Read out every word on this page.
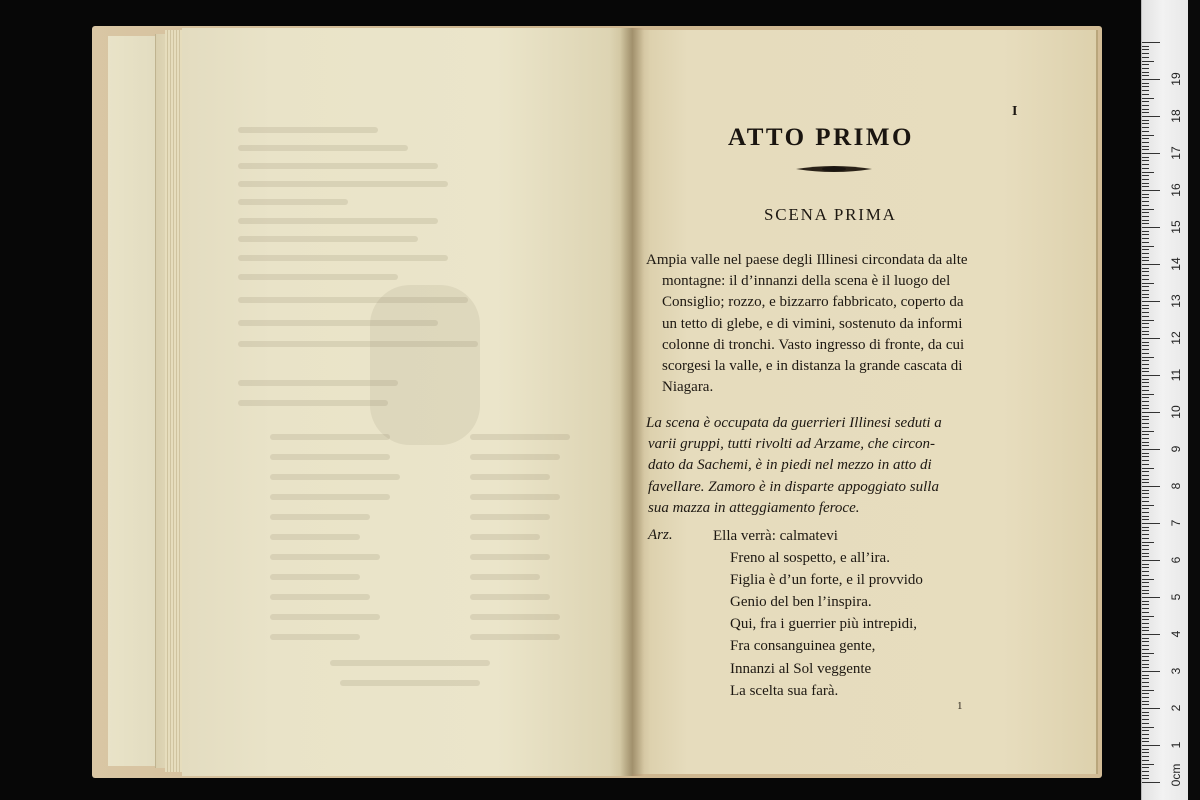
I
ATTO PRIMO
SCENA PRIMA
Ampia valle nel paese degli Illinesi circondata da alte
montagne: il d’innanzi della scena è il luogo del
Consiglio; rozzo, e bizzarro fabbricato, coperto da
un tetto di glebe, e di vimini, sostenuto da informi
colonne di tronchi. Vasto ingresso di fronte, da cui
scorgesi la valle, e in distanza la grande cascata di
Niagara.
La scena è occupata da guerrieri Illinesi seduti a
varii gruppi, tutti rivolti ad Arzame, che circon-
dato da Sachemi, è in piedi nel mezzo in atto di
favellare. Zamoro è in disparte appoggiato sulla
sua mazza in atteggiamento feroce.
Arz.	Ella verrà: calmatevi
Freno al sospetto, e all’ira.
Figlia è d’un forte, e il provvido
Genio del ben l’inspira.
Qui, fra i guerrier più intrepidi,
Fra consanguinea gente,
Innanzi al Sol veggente
La scelta sua farà.
1
0cm
1
2
3
4
5
6
7
8
9
10
11
12
13
14
15
16
17
18
19
